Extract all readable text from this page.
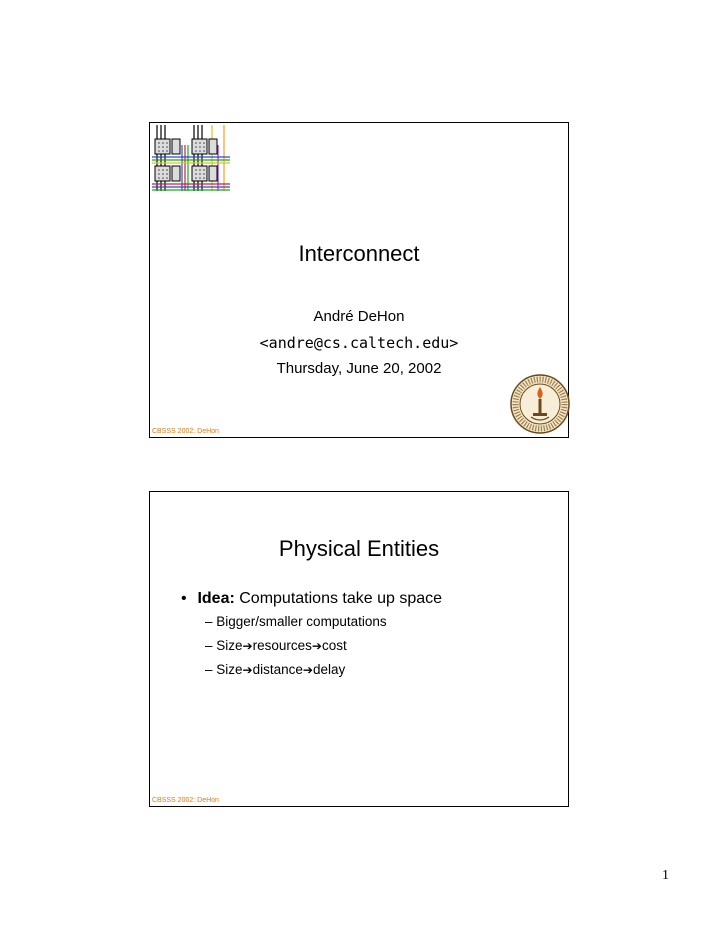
Interconnect
André DeHon
<andre@cs.caltech.edu>
Thursday, June 20, 2002
CBSSS 2002: DeHon
Physical Entities
• Idea: Computations take up space
– Bigger/smaller computations
– Size➔resources➔cost
– Size➔distance➔delay
CBSSS 2002: DeHon
1
